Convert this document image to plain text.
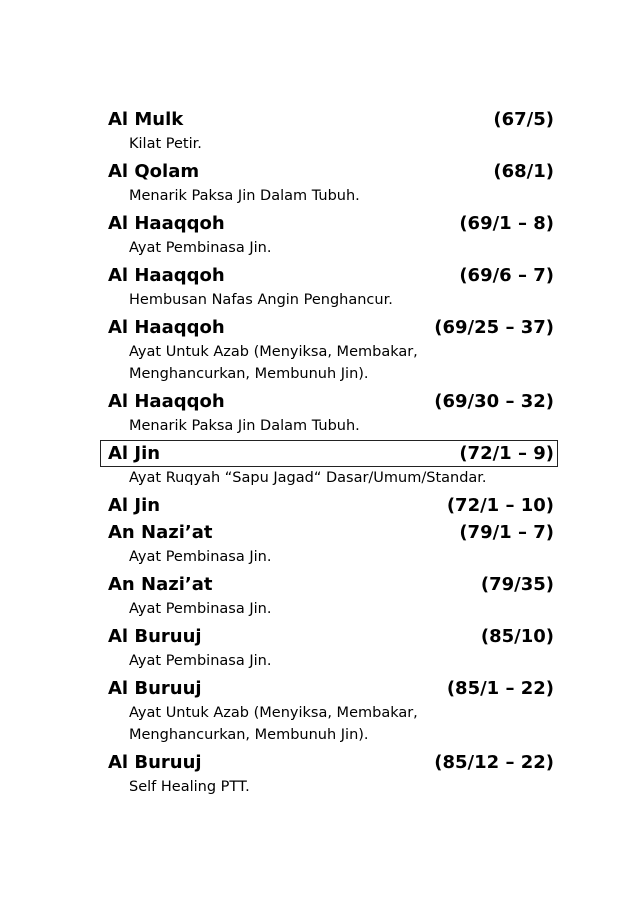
Al Mulk	(67/5)
Kilat Petir.
Al Qolam	(68/1)
Menarik Paksa Jin Dalam Tubuh.
Al Haaqqoh	(69/1 – 8)
Ayat Pembinasa Jin.
Al Haaqqoh	(69/6 – 7)
Hembusan Nafas Angin Penghancur.
Al Haaqqoh	(69/25 – 37)
Ayat Untuk Azab (Menyiksa, Membakar,
Menghancurkan, Membunuh Jin).
Al Haaqqoh	(69/30 – 32)
Menarik Paksa Jin Dalam Tubuh.
Al Jin	(72/1 – 9)
Ayat Ruqyah “Sapu Jagad“ Dasar/Umum/Standar.
Al Jin	(72/1 – 10)
An Nazi’at	(79/1 – 7)
Ayat Pembinasa Jin.
An Nazi’at	(79/35)
Ayat Pembinasa Jin.
Al Buruuj	(85/10)
Ayat Pembinasa Jin.
Al Buruuj	(85/1 – 22)
Ayat Untuk Azab (Menyiksa, Membakar,
Menghancurkan, Membunuh Jin).
Al Buruuj	(85/12 – 22)
Self Healing PTT.
